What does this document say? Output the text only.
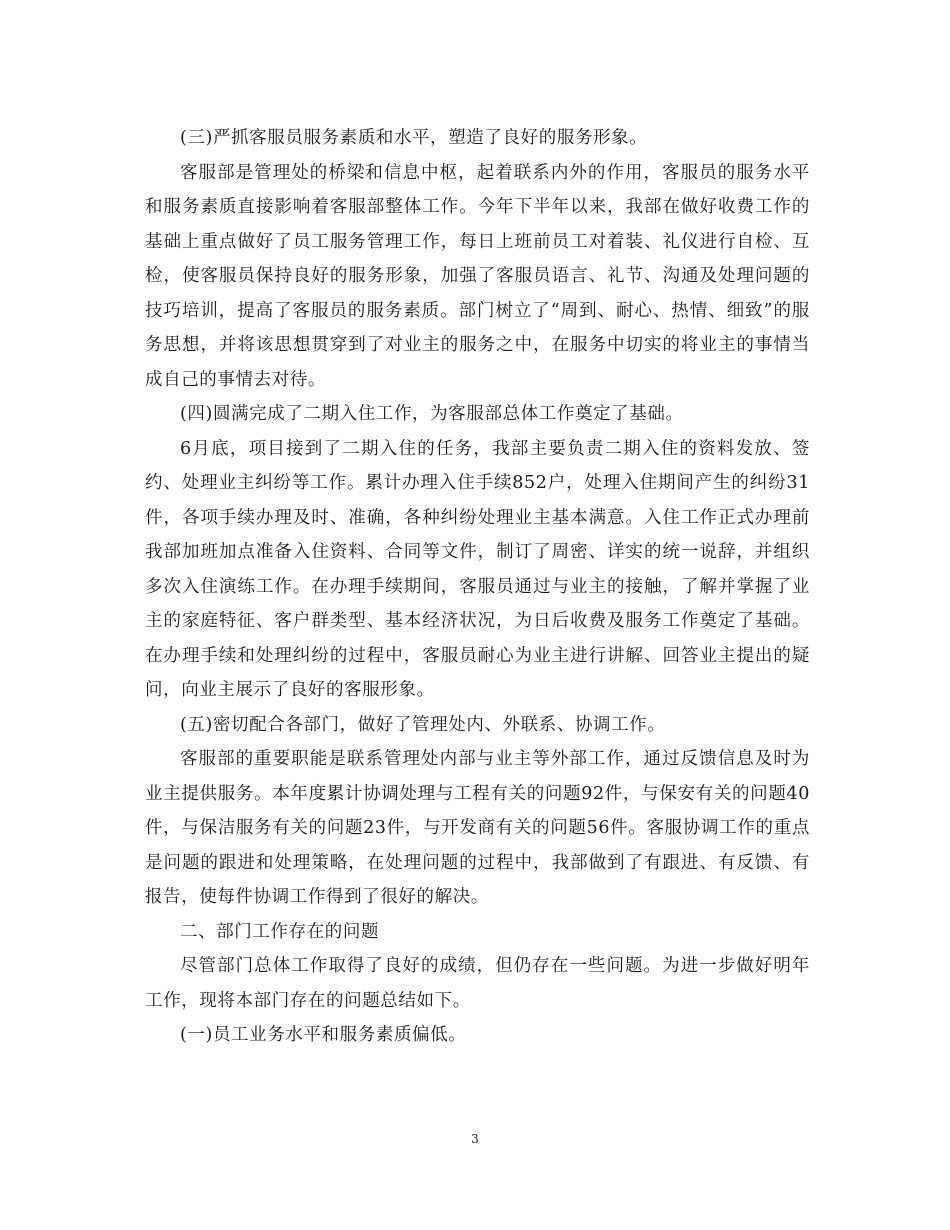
(三)严抓客服员服务素质和水平，塑造了良好的服务形象。

客服部是管理处的桥梁和信息中枢，起着联系内外的作用，客服员的服务水平和服务素质直接影响着客服部整体工作。今年下半年以来，我部在做好收费工作的基础上重点做好了员工服务管理工作，每日上班前员工对着装、礼仪进行自检、互检，使客服员保持良好的服务形象，加强了客服员语言、礼节、沟通及处理问题的技巧培训，提高了客服员的服务素质。部门树立了“周到、耐心、热情、细致”的服务思想，并将该思想贯穿到了对业主的服务之中，在服务中切实的将业主的事情当成自己的事情去对待。

(四)圆满完成了二期入住工作，为客服部总体工作奠定了基础。

6月底，项目接到了二期入住的任务，我部主要负责二期入住的资料发放、签约、处理业主纠纷等工作。累计办理入住手续852户，处理入住期间产生的纠纷31件，各项手续办理及时、准确，各种纠纷处理业主基本满意。入住工作正式办理前我部加班加点准备入住资料、合同等文件，制订了周密、详实的统一说辞，并组织多次入住演练工作。在办理手续期间，客服员通过与业主的接触，了解并掌握了业主的家庭特征、客户群类型、基本经济状况，为日后收费及服务工作奠定了基础。在办理手续和处理纠纷的过程中，客服员耐心为业主进行讲解、回答业主提出的疑问，向业主展示了良好的客服形象。

(五)密切配合各部门，做好了管理处内、外联系、协调工作。

客服部的重要职能是联系管理处内部与业主等外部工作，通过反馈信息及时为业主提供服务。本年度累计协调处理与工程有关的问题92件，与保安有关的问题40件，与保洁服务有关的问题23件，与开发商有关的问题56件。客服协调工作的重点是问题的跟进和处理策略，在处理问题的过程中，我部做到了有跟进、有反馈、有报告，使每件协调工作得到了很好的解决。

二、部门工作存在的问题

尽管部门总体工作取得了良好的成绩，但仍存在一些问题。为进一步做好明年工作，现将本部门存在的问题总结如下。

(一)员工业务水平和服务素质偏低。

3
